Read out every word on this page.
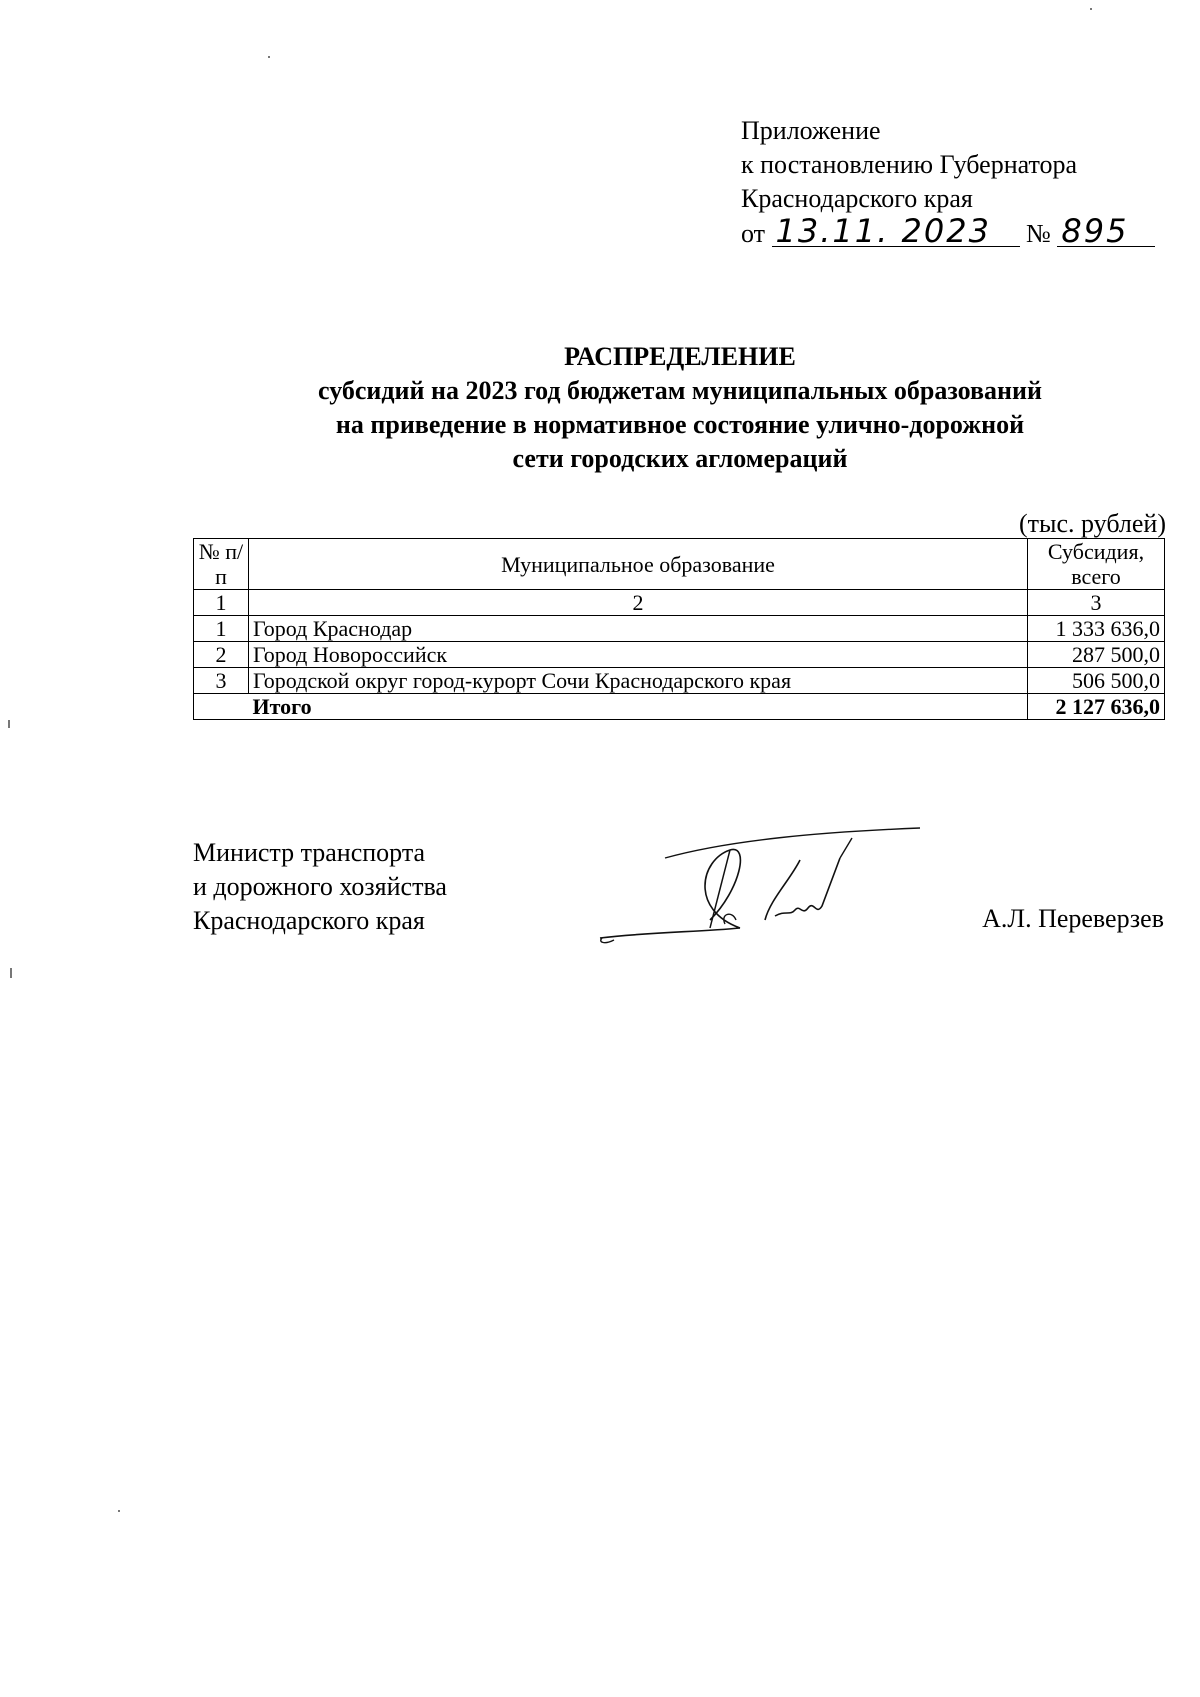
Приложение
к постановлению Губернатора
Краснодарского края
от 13.11. 2023 № 895
РАСПРЕДЕЛЕНИЕ
субсидий на 2023 год бюджетам муниципальных образований
на приведение в нормативное состояние улично-дорожной
сети городских агломераций
(тыс. рублей)
№ п/п	Муниципальное образование	Субсидия, всего
1	2	3
1	Город Краснодар	1 333 636,0
2	Город Новороссийск	287 500,0
3	Городской округ город-курорт Сочи Краснодарского края	506 500,0
	Итого	2 127 636,0
Министр транспорта
и дорожного хозяйства
Краснодарского края	А.Л. Переверзев
